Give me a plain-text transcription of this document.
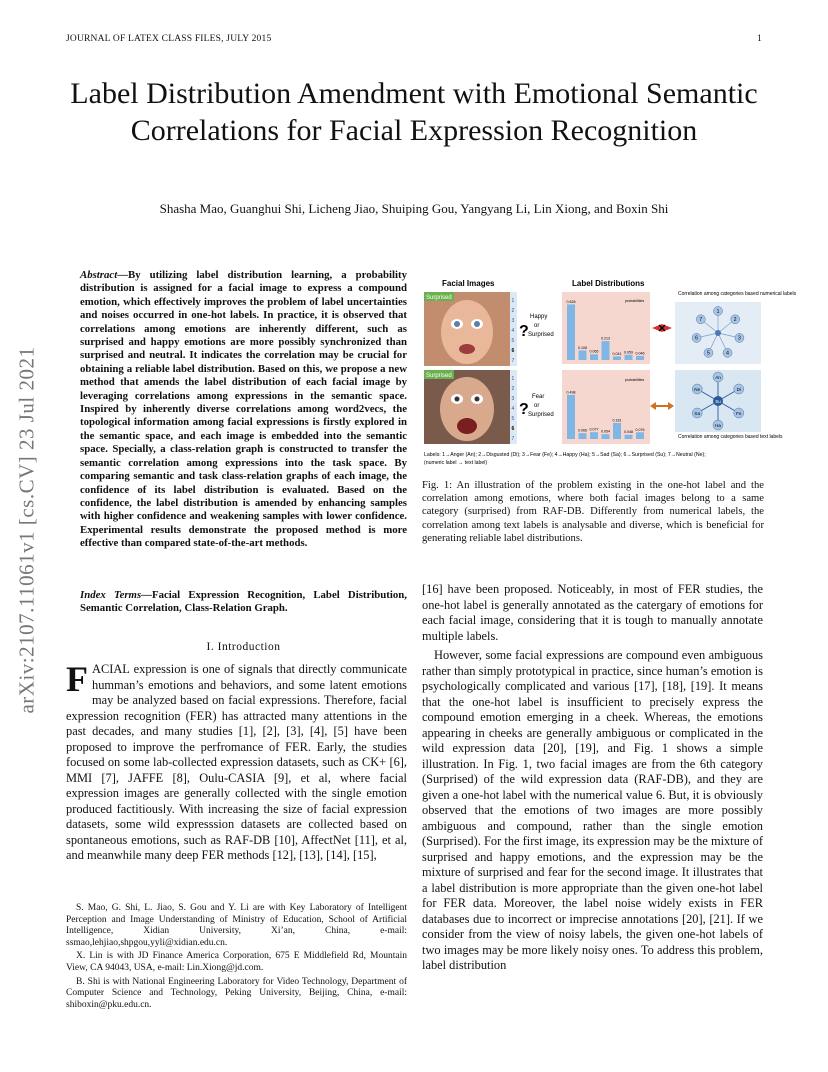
JOURNAL OF LATEX CLASS FILES, JULY 2015	1
Label Distribution Amendment with Emotional Semantic Correlations for Facial Expression Recognition
Shasha Mao, Guanghui Shi, Licheng Jiao, Shuiping Gou, Yangyang Li, Lin Xiong, and Boxin Shi
arXiv:2107.11061v1 [cs.CV] 23 Jul 2021
Abstract—By utilizing label distribution learning, a probability distribution is assigned for a facial image to express a compound emotion, which effectively improves the problem of label uncertainties and noises occurred in one-hot labels. In practice, it is observed that correlations among emotions are inherently different, such as surprised and happy emotions are more possibly synchronized than surprised and neutral. It indicates the correlation may be crucial for obtaining a reliable label distribution. Based on this, we propose a new method that amends the label distribution of each facial image by leveraging correlations among expressions in the semantic space. Inspired by inherently diverse correlations among word2vecs, the topological information among facial expressions is firstly explored in the semantic space, and each image is embedded into the semantic space. Specially, a class-relation graph is constructed to transfer the semantic correlation among expressions into the task space. By comparing semantic and task class-relation graphs of each image, the confidence of its label distribution is evaluated. Based on the confidence, the label distribution is amended by enhancing samples with higher confidence and weakening samples with lower confidence. Experimental results demonstrate the proposed method is more effective than compared state-of-the-art methods.
Index Terms—Facial Expression Recognition, Label Distribution, Semantic Correlation, Class-Relation Graph.
I. Introduction
FACIAL expression is one of signals that directly communicate humman’s emotions and behaviors, and some latent emotions may be analyzed based on facial expressions. Therefore, facial expression recognition (FER) has attracted many attentions in the past decades, and many studies [1], [2], [3], [4], [5] have been proposed to improve the perfromance of FER. Early, the studies focused on some lab-collected expression datasets, such as CK+ [6], MMI [7], JAFFE [8], Oulu-CASIA [9], et al, where facial expression images are generally collected with the single emotion produced factitiously. With increasing the size of facial expression datasets, some wild expresssion datasets are collected based on spontaneous emotions, such as RAF-DB [10], AffectNet [11], et al, and meanwhile many deep FER methods [12], [13], [14], [15],

S. Mao, G. Shi, L. Jiao, S. Gou and Y. Li are with Key Laboratory of Intelligent Perception and Image Understanding of Ministry of Education, School of Artificial Intelligence, Xidian University, Xi’an, China, e-mail: ssmao,lehjiao,shpgou,yyli@xidian.edu.cn.

X. Lin is with JD Finance America Corporation, 675 E Middlefield Rd, Mountain View, CA 94043, USA, e-mail: Lin.Xiong@jd.com.

B. Shi is with National Engineering Laboratory for Video Technology, Department of Computer Science and Technology, Peking University, Beijing, China, e-mail: shiboxin@pku.edu.cn.

Facial Images	Label Distributions
Correlation among categories based numerical labels
Surprised
Surprised
1
2
3
4
5
6
7
1
2
3
4
5
6
7
?
Happy
or
Surprised
?
Fear
or
Surprised
0.628
0.108
0.065
0.213
0.041 0.059 0.046
probabilities
0.498
0.066 0.077
0.054
0.181
0.048
0.076
probabilities
1
2
3
4
5
6
7
An
Di
Fe
Ha
Sa
Ne
Su
Correlation among categories based text labels
Labels: 1→Anger (An); 2→Disgusted (Di); 3→Fear (Fe); 4→Happy (Ha); 5→Sad (Sa); 6→Surprised (Su); 7→Neutral (Ne);
(numeric label → text label)
Fig. 1: An illustration of the problem existing in the one-hot label and the correlation among emotions, where both facial images belong to a same category (surprised) from RAF-DB. Differently from numerical labels, the correlation among text labels is analysable and diverse, which is beneficial for generating reliable label distributions.

[16] have been proposed. Noticeably, in most of FER studies, the one-hot label is generally annotated as the catergary of emotions for each facial image, considering that it is tough to manually annotate multiple labels.

However, some facial expressions are compound even ambiguous rather than simply prototypical in practice, since human’s emotion is psychologically complicated and various [17], [18], [19]. It means that the one-hot label is insufficient to precisely express the compound emotion emerging in a cheek. Whereas, the emotions appearing in cheeks are generally ambiguous or complicated in the wild expression data [20], [19], and Fig. 1 shows a simple illustration. In Fig. 1, two facial images are from the 6th category (Surprised) of the wild expression data (RAF-DB), and they are given a one-hot label with the numerical value 6. But, it is obviously observed that the emotions of two images are more possibly ambiguous and compound, rather than the single emotion (Surprised). For the first image, its expression may be the mixture of surprised and happy emotions, and the expression may be the mixture of surprised and fear for the second image. It illustrates that a label distribution is more appropriate than the given one-hot label for FER data. Moreover, the label noise widely exists in FER databases due to incorrect or imprecise annotations [20], [21]. If we consider from the view of noisy labels, the given one-hot labels of two images may be more likely noisy ones. To address this problem, label distribution
